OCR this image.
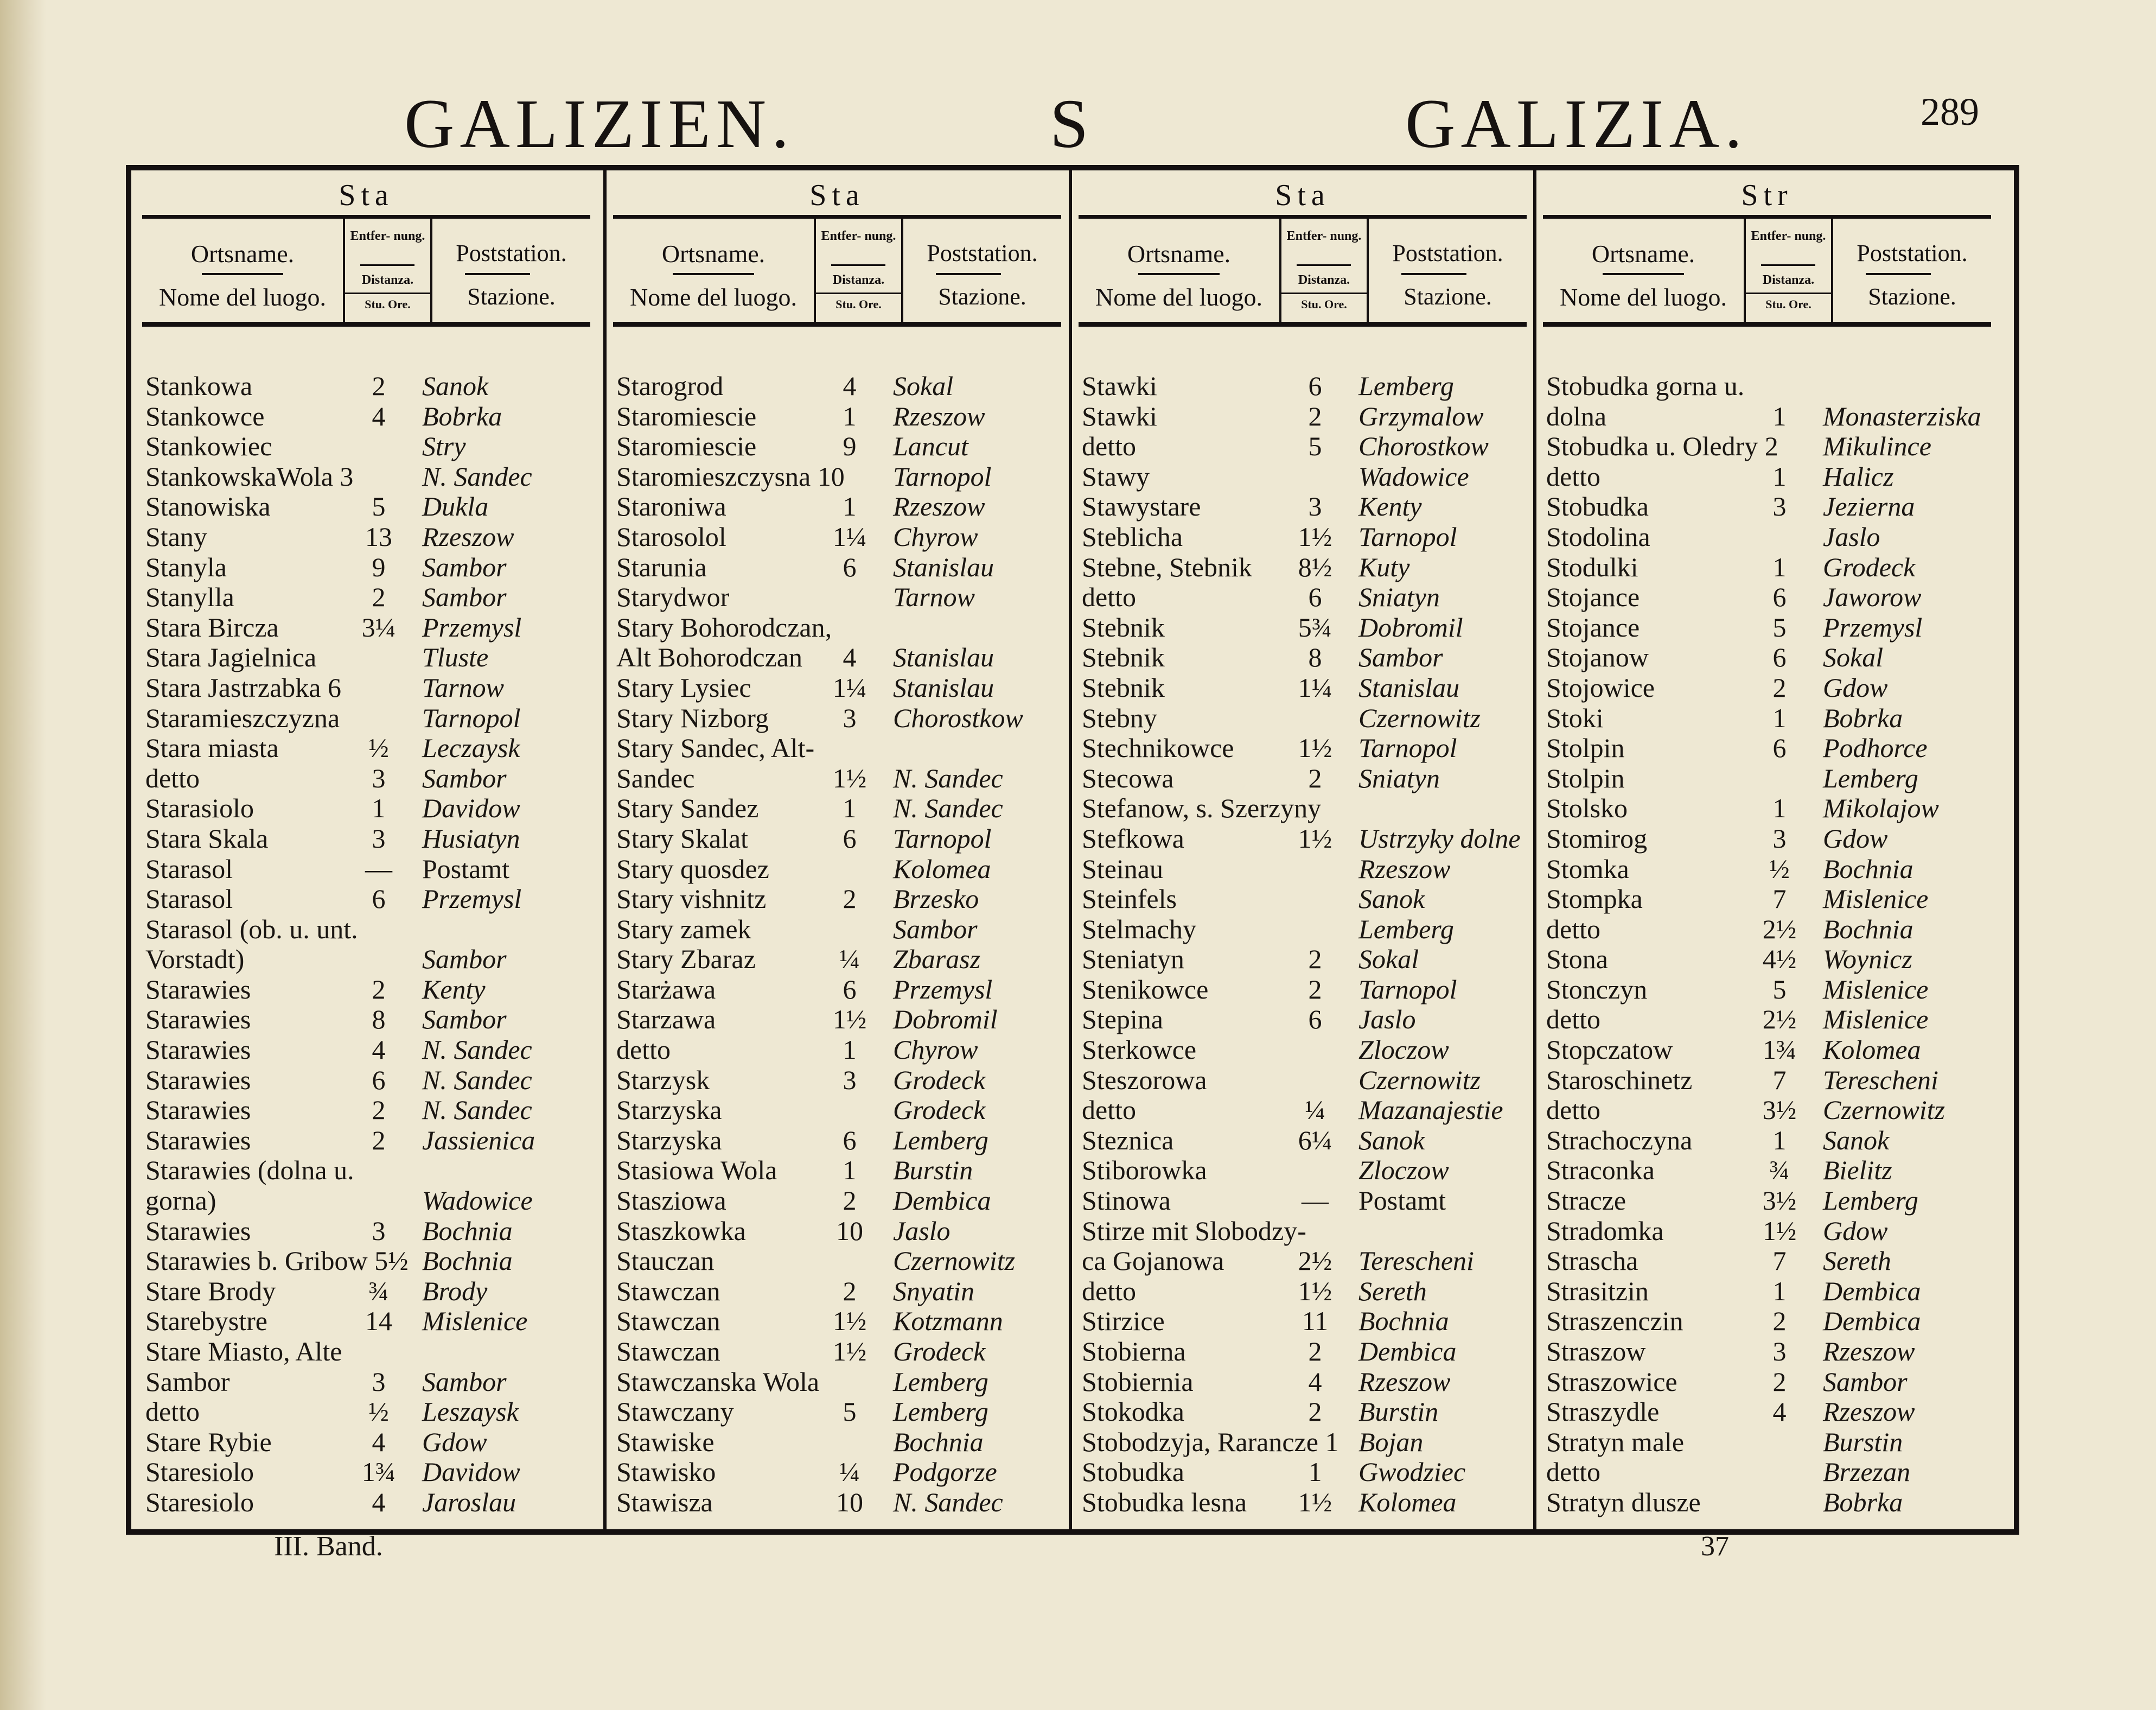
GALIZIEN.	S	GALIZIA.	289
Sta
Ortsname.
Nome del luogo.
Entfer- nung.
Distanza.
Stu. Ore.
Poststation.
Stazione.
Stankowa	2	Sanok
Stankowce	4	Bobrka
Stankowiec	Stry
StankowskaWola 3	N. Sandec
Stanowiska	5	Dukla
Stany	13	Rzeszow
Stanyla	9	Sambor
Stanylla	2	Sambor
Stara Bircza	3¼ Przemysl
Stara Jagielnica	Tluste
Stara Jastrzabka 6	Tarnow
Staramieszczyzna	Tarnopol
Stara miasta	½	Leczaysk
detto	3	Sambor
Starasiolo	1	Davidow
Stara Skala	3	Husiatyn
Starasol	—	Postamt
Starasol	6	Przemysl
Starasol (ob. u. unt.
Vorstadt)	Sambor
Starawies	2	Kenty
Starawies	8	Sambor
Starawies	4	N. Sandec
Starawies	6	N. Sandec
Starawies	2	N. Sandec
Starawies	2	Jassienica
Starawies (dolna u.
gorna)	Wadowice
Starawies	3	Bochnia
Starawies b. Gribow 5½ Bochnia
Stare Brody	¾	Brody
Starebystre	14	Mislenice
Stare Miasto, Alte
Sambor	3	Sambor
detto	½	Leszaysk
Stare Rybie	4	Gdow
Staresiolo	1¾ Davidow
Staresiolo	4	Jaroslau
Sta
Ortsname.
Nome del luogo.
Entfer- nung.
Distanza.
Stu. Ore.
Poststation.
Stazione.
Starogrod	4	Sokal
Staromiescie	1	Rzeszow
Staromiescie	9	Lancut
Staromieszczysna 10 Tarnopol
Staroniwa	1	Rzeszow
Starosolol	1¼ Chyrow
Starunia	6	Stanislau
Starydwor	Tarnow
Stary Bohorodczan,
Alt Bohorodczan	4	Stanislau
Stary Lysiec	1¼ Stanislau
Stary Nizborg	3	Chorostkow
Stary Sandec, Alt-
Sandec	1½ N. Sandec
Stary Sandez	1	N. Sandec
Stary Skalat	6	Tarnopol
Stary quosdez	Kolomea
Stary vishnitz	2	Brzesko
Stary zamek	Sambor
Stary Zbaraz	¼	Zbarasz
Starżawa	6	Przemysl
Starzawa	1½ Dobromil
detto	1	Chyrow
Starzysk	3	Grodeck
Starzyska	Grodeck
Starzyska	6	Lemberg
Stasiowa Wola	1	Burstin
Stasziowa	2	Dembica
Staszkowka	10	Jaslo
Stauczan	Czernowitz
Stawczan	2	Snyatin
Stawczan	1½ Kotzmann
Stawczan	1½ Grodeck
Stawczanska Wola	Lemberg
Stawczany	5	Lemberg
Stawiske	Bochnia
Stawisko	¼	Podgorze
Stawisza	10	N. Sandec
Sta
Ortsname.
Nome del luogo.
Entfer- nung.
Distanza.
Stu. Ore.
Poststation.
Stazione.
Stawki	6	Lemberg
Stawki	2	Grzymalow
detto	5	Chorostkow
Stawy	Wadowice
Stawystare	3	Kenty
Steblicha	1½ Tarnopol
Stebne, Stebnik 8½ Kuty
detto	6	Sniatyn
Stebnik	5¾ Dobromil
Stebnik	8	Sambor
Stebnik	1¼ Stanislau
Stebny	Czernowitz
Stechnikowce 1½ Tarnopol
Stecowa	2	Sniatyn
Stefanow, s. Szerzyny
Stefkowa	1½ Ustrzyky dolne
Steinau	Rzeszow
Steinfels	Sanok
Stelmachy	Lemberg
Steniatyn	2	Sokal
Stenikowce	2	Tarnopol
Stepina	6	Jaslo
Sterkowce	Zloczow
Steszorowa	Czernowitz
detto	¼	Mazanajestie
Steznica	6¼ Sanok
Stiborowka	Zloczow
Stinowa	—	Postamt
Stirze mit Slobodzy-
ca Gojanowa	2½ Terescheni
detto	1½ Sereth
Stirzice	11	Bochnia
Stobierna	2	Dembica
Stobiernia	4	Rzeszow
Stokodka	2	Burstin
Stobodzyja, Rarancze 1 Bojan
Stobudka	1	Gwodziec
Stobudka lesna 1½ Kolomea
Str
Ortsname.
Nome del luogo.
Entfer- nung.
Distanza.
Stu. Ore.
Poststation.
Stazione.
Stobudka gorna u.
dolna	1	Monasterziska
Stobudka u. Oledry 2 Mikulince
detto	1	Halicz
Stobudka	3	Jezierna
Stodolina	Jaslo
Stodulki	1	Grodeck
Stojance	6	Jaworow
Stojance	5	Przemysl
Stojanow	6	Sokal
Stojowice	2	Gdow
Stoki	1	Bobrka
Stolpin	6	Podhorce
Stolpin	Lemberg
Stolsko	1	Mikolajow
Stomirog	3	Gdow
Stomka	½	Bochnia
Stompka	7	Mislenice
detto	2½ Bochnia
Stona	4½ Woynicz
Stonczyn	5	Mislenice
detto	2½ Mislenice
Stopczatow	1¾ Kolomea
Staroschinetz	7	Terescheni
detto	3½ Czernowitz
Strachoczyna	1	Sanok
Straconka	¾	Bielitz
Stracze	3½ Lemberg
Stradomka	1½ Gdow
Strascha	7	Sereth
Strasitzin	1	Dembica
Straszenczin	2	Dembica
Straszow	3	Rzeszow
Straszowice	2	Sambor
Straszydle	4	Rzeszow
Stratyn male	Burstin
detto	Brzezan
Stratyn dlusze	Bobrka
III. Band.	37
